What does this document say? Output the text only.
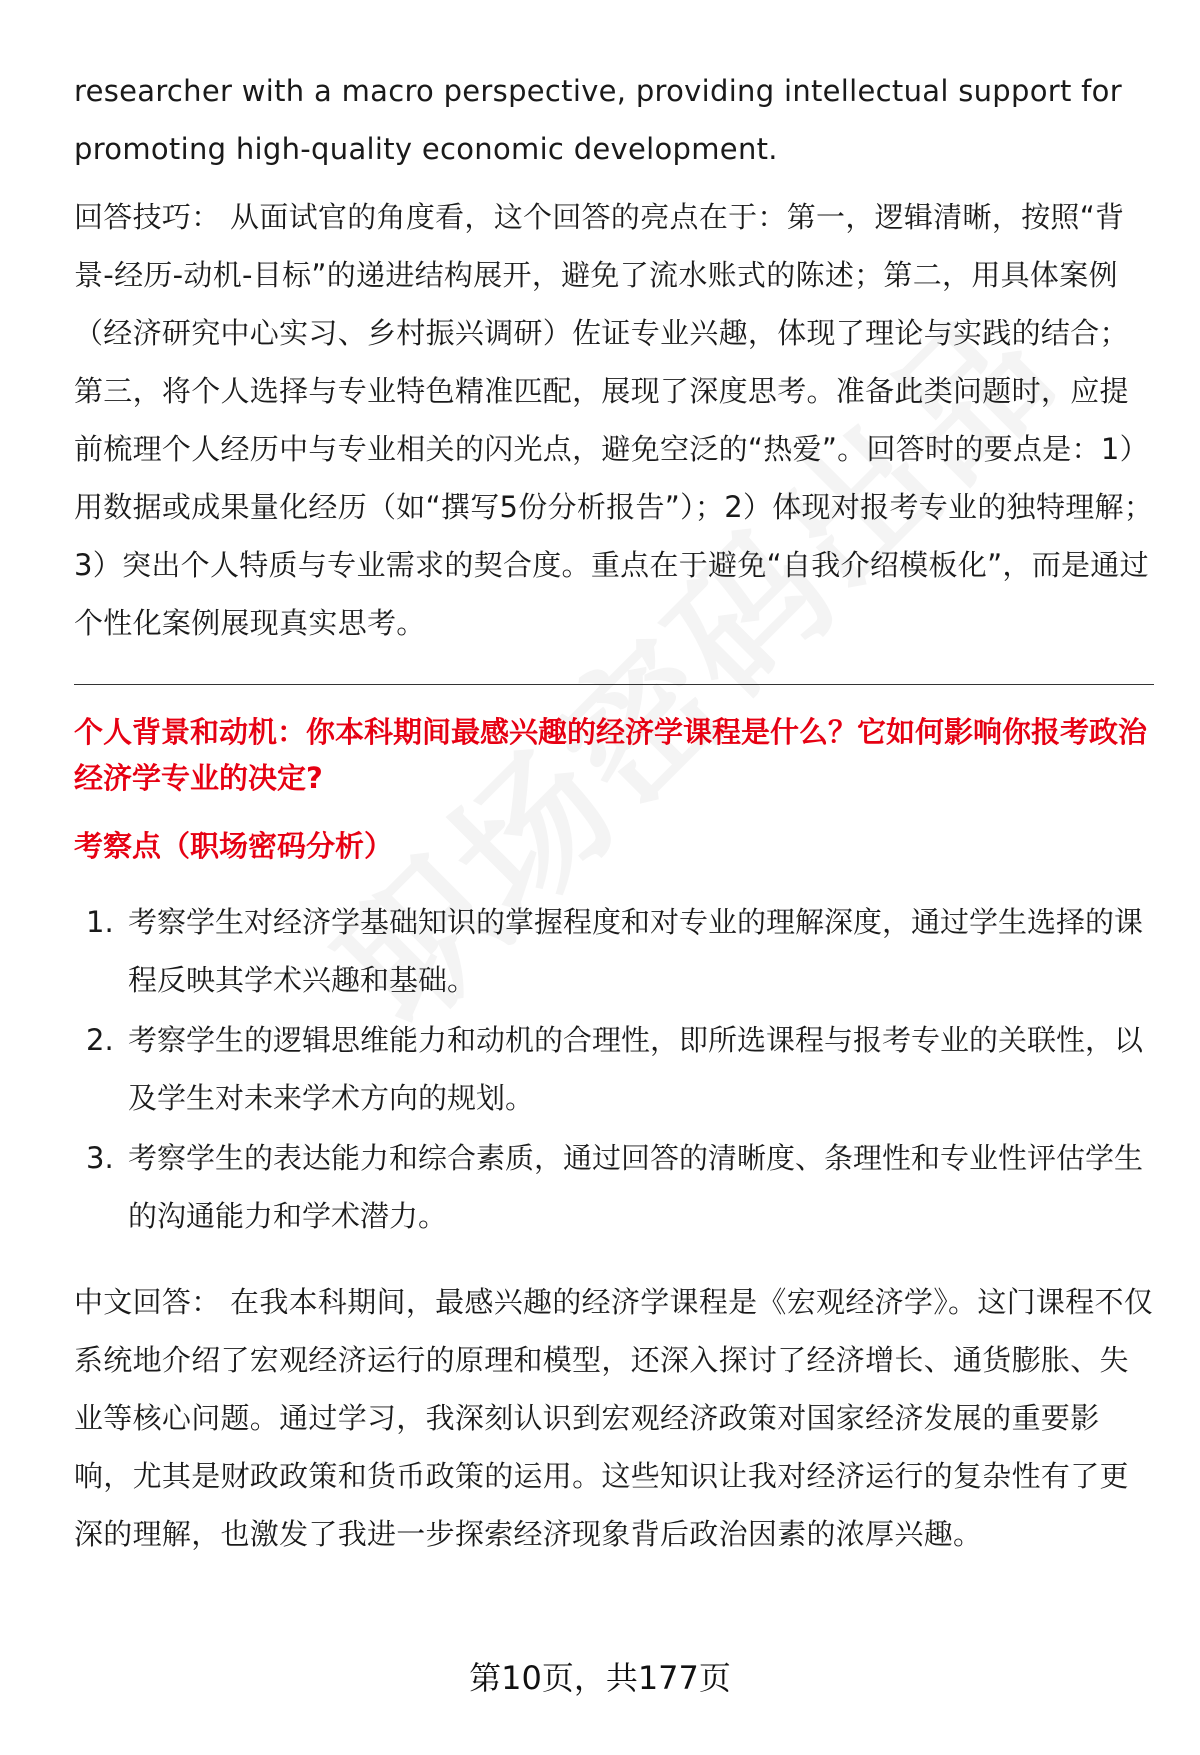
researcher with a macro perspective, providing intellectual support for promoting high-quality economic development.

回答技巧： 从面试官的角度看，这个回答的亮点在于：第一，逻辑清晰，按照“背景-经历-动机-目标”的递进结构展开，避免了流水账式的陈述；第二，用具体案例（经济研究中心实习、乡村振兴调研）佐证专业兴趣，体现了理论与实践的结合；第三，将个人选择与专业特色精准匹配，展现了深度思考。准备此类问题时，应提前梳理个人经历中与专业相关的闪光点，避免空泛的“热爱”。回答时的要点是：1）用数据或成果量化经历（如“撰写5份分析报告”）；2）体现对报考专业的独特理解；3）突出个人特质与专业需求的契合度。重点在于避免“自我介绍模板化”，而是通过个性化案例展现真实思考。

个人背景和动机：你本科期间最感兴趣的经济学课程是什么？它如何影响你报考政治经济学专业的决定?
考察点（职场密码分析）
1. 考察学生对经济学基础知识的掌握程度和对专业的理解深度，通过学生选择的课程反映其学术兴趣和基础。
2. 考察学生的逻辑思维能力和动机的合理性，即所选课程与报考专业的关联性，以及学生对未来学术方向的规划。
3. 考察学生的表达能力和综合素质，通过回答的清晰度、条理性和专业性评估学生的沟通能力和学术潜力。

中文回答： 在我本科期间，最感兴趣的经济学课程是《宏观经济学》。这门课程不仅系统地介绍了宏观经济运行的原理和模型，还深入探讨了经济增长、通货膨胀、失业等核心问题。通过学习，我深刻认识到宏观经济政策对国家经济发展的重要影响，尤其是财政政策和货币政策的运用。这些知识让我对经济运行的复杂性有了更深的理解，也激发了我进一步探索经济现象背后政治因素的浓厚兴趣。

第10页，共177页
